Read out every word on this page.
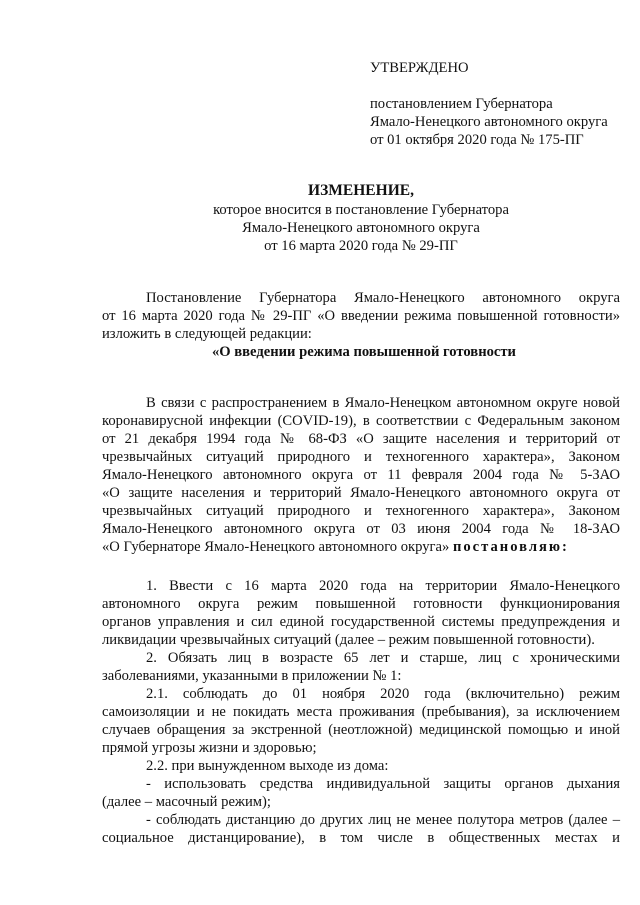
УТВЕРЖДЕНО
постановлением Губернатора
Ямало-Ненецкого автономного округа
от 01 октября 2020 года № 175-ПГ
ИЗМЕНЕНИЕ,
которое вносится в постановление Губернатора
Ямало-Ненецкого автономного округа
от 16 марта 2020 года № 29-ПГ
Постановление Губернатора Ямало-Ненецкого автономного округа
от 16 марта 2020 года № 29-ПГ «О введении режима повышенной готовности»
изложить в следующей редакции:
«О введении режима повышенной готовности
В связи с распространением в Ямало-Ненецком автономном округе новой
коронавирусной инфекции (COVID-19), в соответствии с Федеральным законом
от 21 декабря 1994 года № 68-ФЗ «О защите населения и территорий от
чрезвычайных ситуаций природного и техногенного характера», Законом
Ямало-Ненецкого автономного округа от 11 февраля 2004 года № 5-ЗАО
«О защите населения и территорий Ямало-Ненецкого автономного округа от
чрезвычайных ситуаций природного и техногенного характера», Законом
Ямало-Ненецкого автономного округа от 03 июня 2004 года № 18-ЗАО
«О Губернаторе Ямало-Ненецкого автономного округа» постановляю:
1. Ввести с 16 марта 2020 года на территории Ямало-Ненецкого
автономного округа режим повышенной готовности функционирования
органов управления и сил единой государственной системы предупреждения и
ликвидации чрезвычайных ситуаций (далее – режим повышенной готовности).
2. Обязать лиц в возрасте 65 лет и старше, лиц с хроническими
заболеваниями, указанными в приложении № 1:
2.1. соблюдать до 01 ноября 2020 года (включительно) режим
самоизоляции и не покидать места проживания (пребывания), за исключением
случаев обращения за экстренной (неотложной) медицинской помощью и иной
прямой угрозы жизни и здоровью;
2.2. при вынужденном выходе из дома:
- использовать средства индивидуальной защиты органов дыхания
(далее – масочный режим);
- соблюдать дистанцию до других лиц не менее полутора метров (далее –
социальное дистанцирование), в том числе в общественных местах и
